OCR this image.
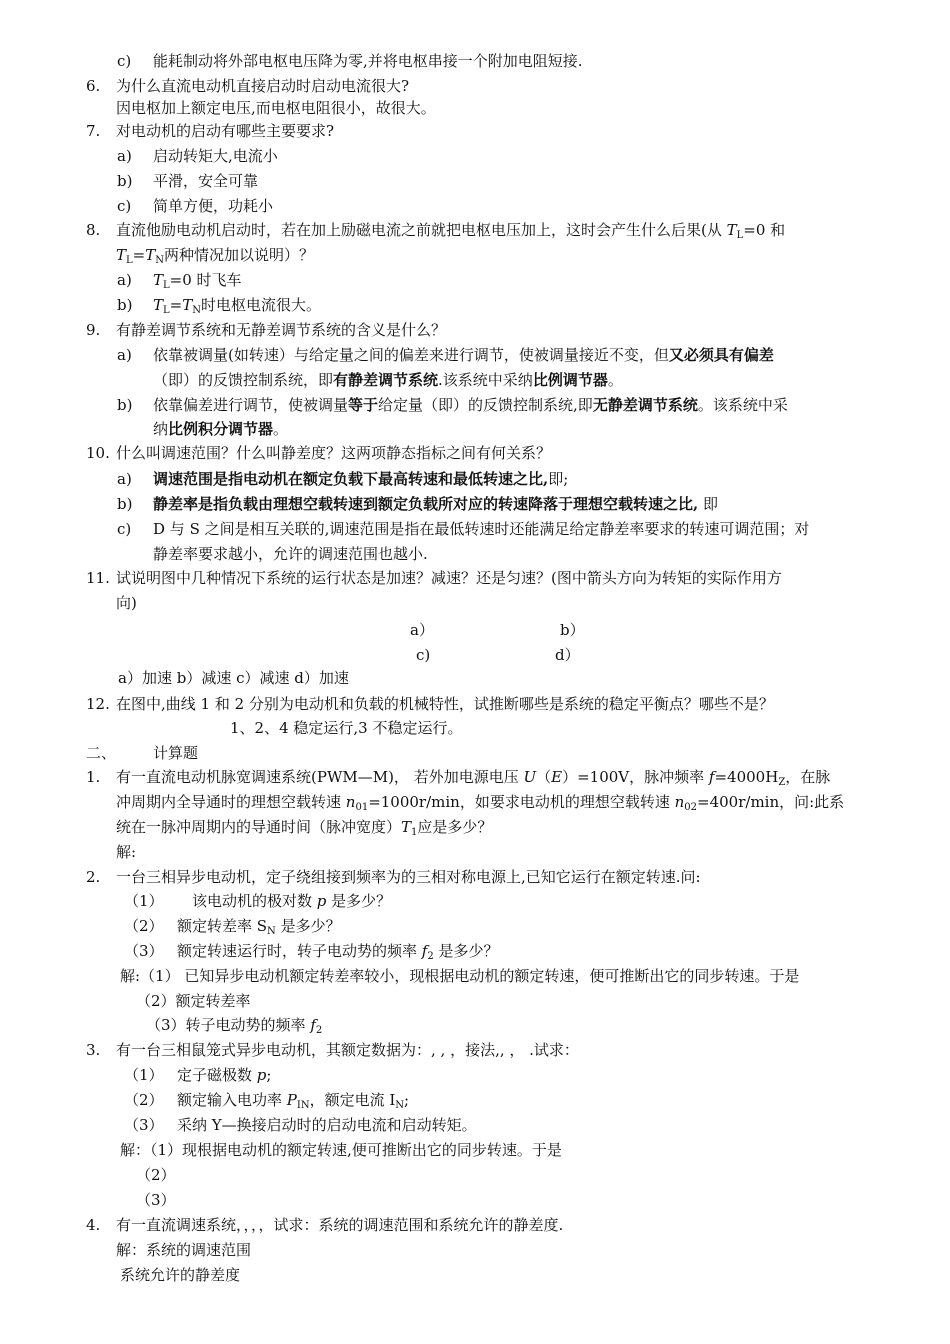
c)	能耗制动将外部电枢电压降为零,并将电枢串接一个附加电阻短接.
6.	为什么直流电动机直接启动时启动电流很大?
因电枢加上额定电压,而电枢电阻很小，故很大。
7.	对电动机的启动有哪些主要要求?
a)	启动转矩大,电流小
b)	平滑，安全可靠
c)	简单方便，功耗小
8.	直流他励电动机启动时，若在加上励磁电流之前就把电枢电压加上，这时会产生什么后果(从 $T_L=0$ 和
$T_L=T_N$两种情况加以说明）？
a)	$T_L=0$ 时飞车
b)	$T_L=T_N$时电枢电流很大。
9.	有静差调节系统和无静差调节系统的含义是什么？
a)	依靠被调量(如转速）与给定量之间的偏差来进行调节，使被调量接近不变，但又必须具有偏差
（即）的反馈控制系统，即有静差调节系统.该系统中采纳比例调节器。
b)	依靠偏差进行调节，使被调量等于给定量（即）的反馈控制系统,即无静差调节系统。该系统中采
纳比例积分调节器。
10. 什么叫调速范围？什么叫静差度？这两项静态指标之间有何关系？
a)	调速范围是指电动机在额定负载下最高转速和最低转速之比,即;
b)	静差率是指负载由理想空载转速到额定负载所对应的转速降落于理想空载转速之比, 即
c)	D 与 S 之间是相互关联的,调速范围是指在最低转速时还能满足给定静差率要求的转速可调范围；对
静差率要求越小，允许的调速范围也越小.
11. 试说明图中几种情况下系统的运行状态是加速？减速？还是匀速？(图中箭头方向为转矩的实际作用方
向)
a）	b）
c)	d）
a）加速 b）减速 c）减速 d）加速
12. 在图中,曲线 1 和 2 分别为电动机和负载的机械特性，试推断哪些是系统的稳定平衡点？哪些不是？
1、2、4 稳定运行,3 不稳定运行。
二、 计算题
1.	有一直流电动机脉宽调速系统(PWM—M)， 若外加电源电压 U（E）=100V，脉冲频率 $f=4000H_Z$，在脉
冲周期内全导通时的理想空载转速 $n_{01}=1000r/\min$，如要求电动机的理想空载转速 $n_{02}=400r/\min$，问:此系
统在一脉冲周期内的导通时间（脉冲宽度）$T_1$应是多少？
解:
2.	一台三相异步电动机，定子绕组接到频率为的三相对称电源上,已知它运行在额定转速.问:
（1） 该电动机的极对数 p 是多少？
（2） 额定转差率 $S_N$ 是多少？
（3） 额定转速运行时，转子电动势的频率 $f_2$ 是多少？
解:（1） 已知异步电动机额定转差率较小，现根据电动机的额定转速，便可推断出它的同步转速。于是
（2）额定转差率
（3）转子电动势的频率 $f_2$
3.	有一台三相鼠笼式异步电动机，其额定数据为：, , ，接法,, ， .试求：
（1） 定子磁极数 p;
（2） 额定输入电功率 $P_{IN}$，额定电流 $I_N$;
（3） 采纳 Y—换接启动时的启动电流和启动转矩。
解：（1）现根据电动机的额定转速,便可推断出它的同步转速。于是
（2）
（3）
4.	有一直流调速系统，，，，试求：系统的调速范围和系统允许的静差度.
解：系统的调速范围
系统允许的静差度
